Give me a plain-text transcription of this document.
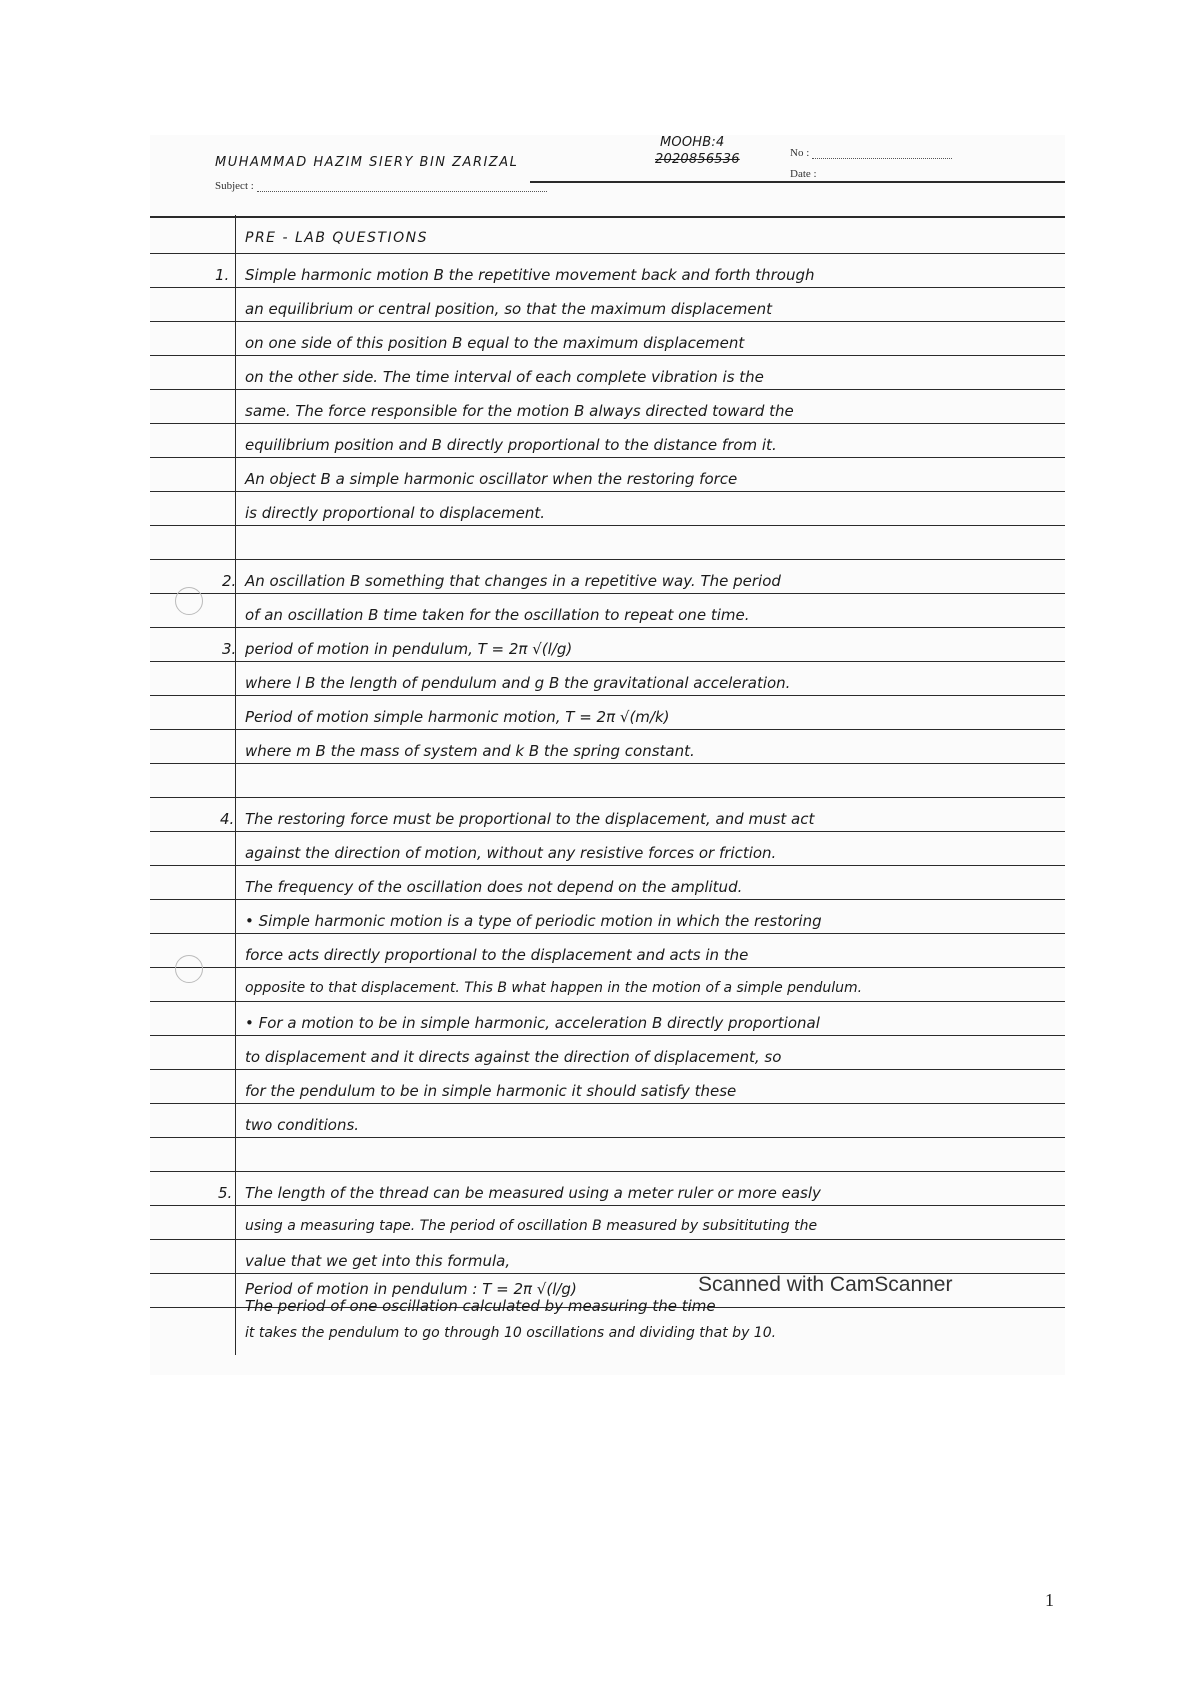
MUHAMMAD HAZIM SIERY BIN ZARIZAL
MOOHB:4
2020856536	No :
Date :
Subject :
PRE - LAB QUESTIONS
1. Simple harmonic motion B the repetitive movement back and forth through
an equilibrium or central position, so that the maximum displacement
on one side of this position B equal to the maximum displacement
on the other side. The time interval of each complete vibration is the
same. The force responsible for the motion B always directed toward the
equilibrium position and B directly proportional to the distance from it.
An object B a simple harmonic oscillator when the restoring force
is directly proportional to displacement.
2. An oscillation B something that changes in a repetitive way. The period
of an oscillation B time taken for the oscillation to repeat one time.
3. period of motion in pendulum, T = 2π √(l/g)
where l B the length of pendulum and g B the gravitational acceleration.
Period of motion simple harmonic motion, T = 2π √(m/k)
where m B the mass of system and k B the spring constant.
4. The restoring force must be proportional to the displacement, and must act
against the direction of motion, without any resistive forces or friction.
The frequency of the oscillation does not depend on the amplitud.
• Simple harmonic motion is a type of periodic motion in which the restoring
force acts directly proportional to the displacement and acts in the
opposite to that displacement. This B what happen in the motion of a simple pendulum.
• For a motion to be in simple harmonic, acceleration B directly proportional
to displacement and it directs against the direction of displacement, so
for the pendulum to be in simple harmonic it should satisfy these
two conditions.
5. The length of the thread can be measured using a meter ruler or more easly
using a measuring tape. The period of oscillation B measured by subsitituting the
value that we get into this formula,
Period of motion in pendulum : T = 2π √(l/g)
The period of one oscillation calculated by measuring the time
it takes the pendulum to go through 10 oscillations and dividing that by 10.
Scanned with CamScanner
1
